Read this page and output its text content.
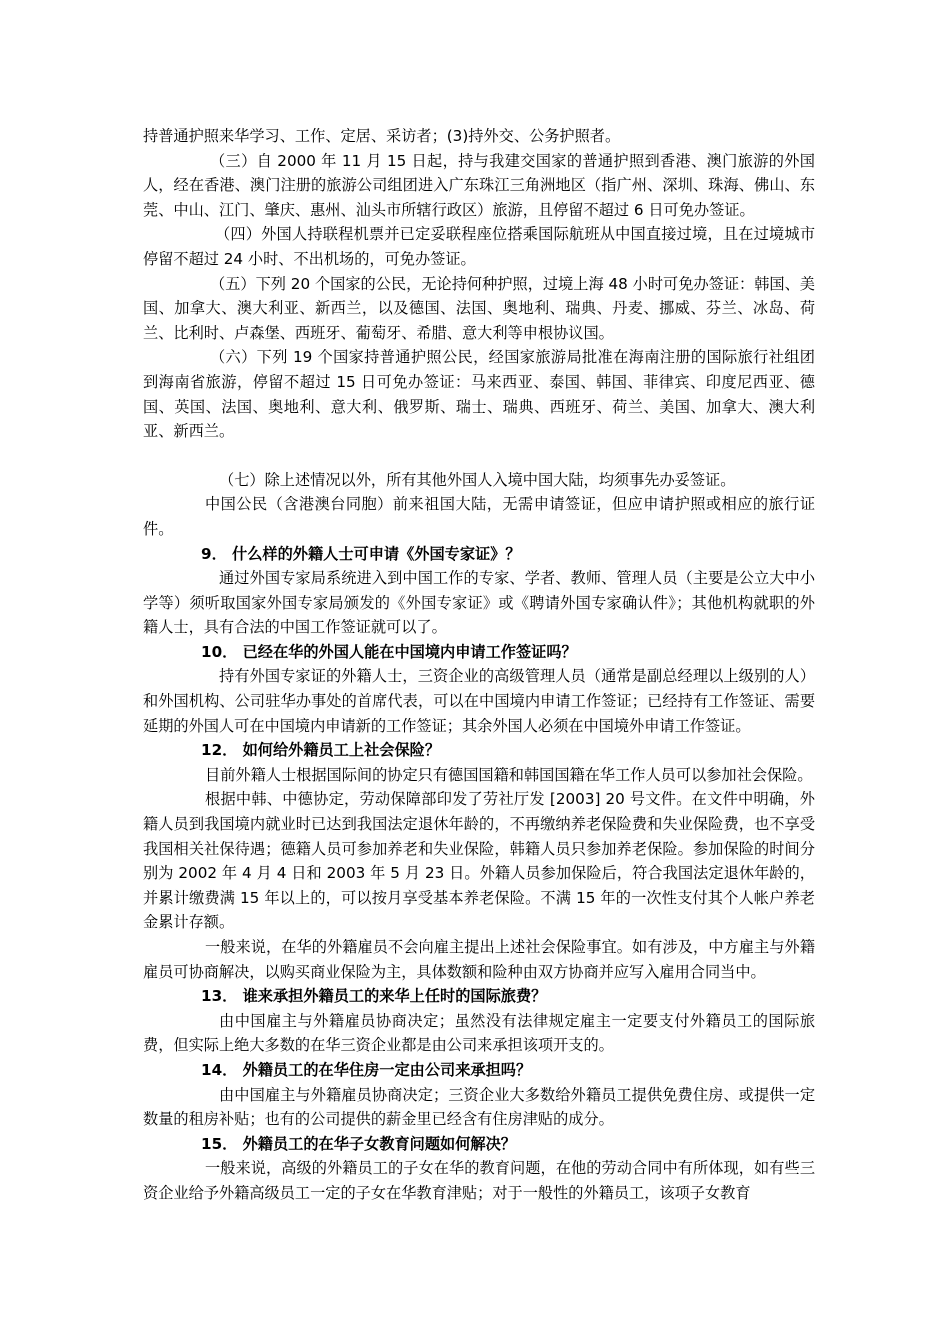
持普通护照来华学习、工作、定居、采访者；(3)持外交、公务护照者。

（三）自 2000 年 11 月 15 日起，持与我建交国家的普通护照到香港、澳门旅游的外国人，经在香港、澳门注册的旅游公司组团进入广东珠江三角洲地区（指广州、深圳、珠海、佛山、东莞、中山、江门、肇庆、惠州、汕头市所辖行政区）旅游，且停留不超过 6 日可免办签证。

（四）外国人持联程机票并已定妥联程座位搭乘国际航班从中国直接过境，且在过境城市停留不超过 24 小时、不出机场的，可免办签证。

（五）下列 20 个国家的公民，无论持何种护照，过境上海 48 小时可免办签证：韩国、美国、加拿大、澳大利亚、新西兰，以及德国、法国、奥地利、瑞典、丹麦、挪威、芬兰、冰岛、荷兰、比利时、卢森堡、西班牙、葡萄牙、希腊、意大利等申根协议国。

（六）下列 19 个国家持普通护照公民，经国家旅游局批准在海南注册的国际旅行社组团到海南省旅游，停留不超过 15 日可免办签证：马来西亚、泰国、韩国、菲律宾、印度尼西亚、德国、英国、法国、奥地利、意大利、俄罗斯、瑞士、瑞典、西班牙、荷兰、美国、加拿大、澳大利亚、新西兰。

（七）除上述情况以外，所有其他外国人入境中国大陆，均须事先办妥签证。

中国公民（含港澳台同胞）前来祖国大陆，无需申请签证，但应申请护照或相应的旅行证件。

9． 什么样的外籍人士可申请《外国专家证》？

通过外国专家局系统进入到中国工作的专家、学者、教师、管理人员（主要是公立大中小学等）须听取国家外国专家局颁发的《外国专家证》或《聘请外国专家确认件》；其他机构就职的外籍人士，具有合法的中国工作签证就可以了。

10． 已经在华的外国人能在中国境内申请工作签证吗？

持有外国专家证的外籍人士，三资企业的高级管理人员（通常是副总经理以上级别的人）和外国机构、公司驻华办事处的首席代表，可以在中国境内申请工作签证；已经持有工作签证、需要延期的外国人可在中国境内申请新的工作签证；其余外国人必须在中国境外申请工作签证。

12． 如何给外籍员工上社会保险？

目前外籍人士根据国际间的协定只有德国国籍和韩国国籍在华工作人员可以参加社会保险。

根据中韩、中德协定，劳动保障部印发了劳社厅发 [2003] 20 号文件。在文件中明确，外籍人员到我国境内就业时已达到我国法定退休年龄的，不再缴纳养老保险费和失业保险费，也不享受我国相关社保待遇；德籍人员可参加养老和失业保险，韩籍人员只参加养老保险。参加保险的时间分别为 2002 年 4 月 4 日和 2003 年 5 月 23 日。外籍人员参加保险后，符合我国法定退休年龄的，并累计缴费满 15 年以上的，可以按月享受基本养老保险。不满 15 年的一次性支付其个人帐户养老金累计存额。

一般来说，在华的外籍雇员不会向雇主提出上述社会保险事宜。如有涉及，中方雇主与外籍雇员可协商解决，以购买商业保险为主，具体数额和险种由双方协商并应写入雇用合同当中。

13． 谁来承担外籍员工的来华上任时的国际旅费？

由中国雇主与外籍雇员协商决定；虽然没有法律规定雇主一定要支付外籍员工的国际旅费，但实际上绝大多数的在华三资企业都是由公司来承担该项开支的。

14． 外籍员工的在华住房一定由公司来承担吗？

由中国雇主与外籍雇员协商决定；三资企业大多数给外籍员工提供免费住房、或提供一定数量的租房补贴；也有的公司提供的薪金里已经含有住房津贴的成分。

15． 外籍员工的在华子女教育问题如何解决？

一般来说，高级的外籍员工的子女在华的教育问题，在他的劳动合同中有所体现，如有些三资企业给予外籍高级员工一定的子女在华教育津贴；对于一般性的外籍员工，该项子女教育
